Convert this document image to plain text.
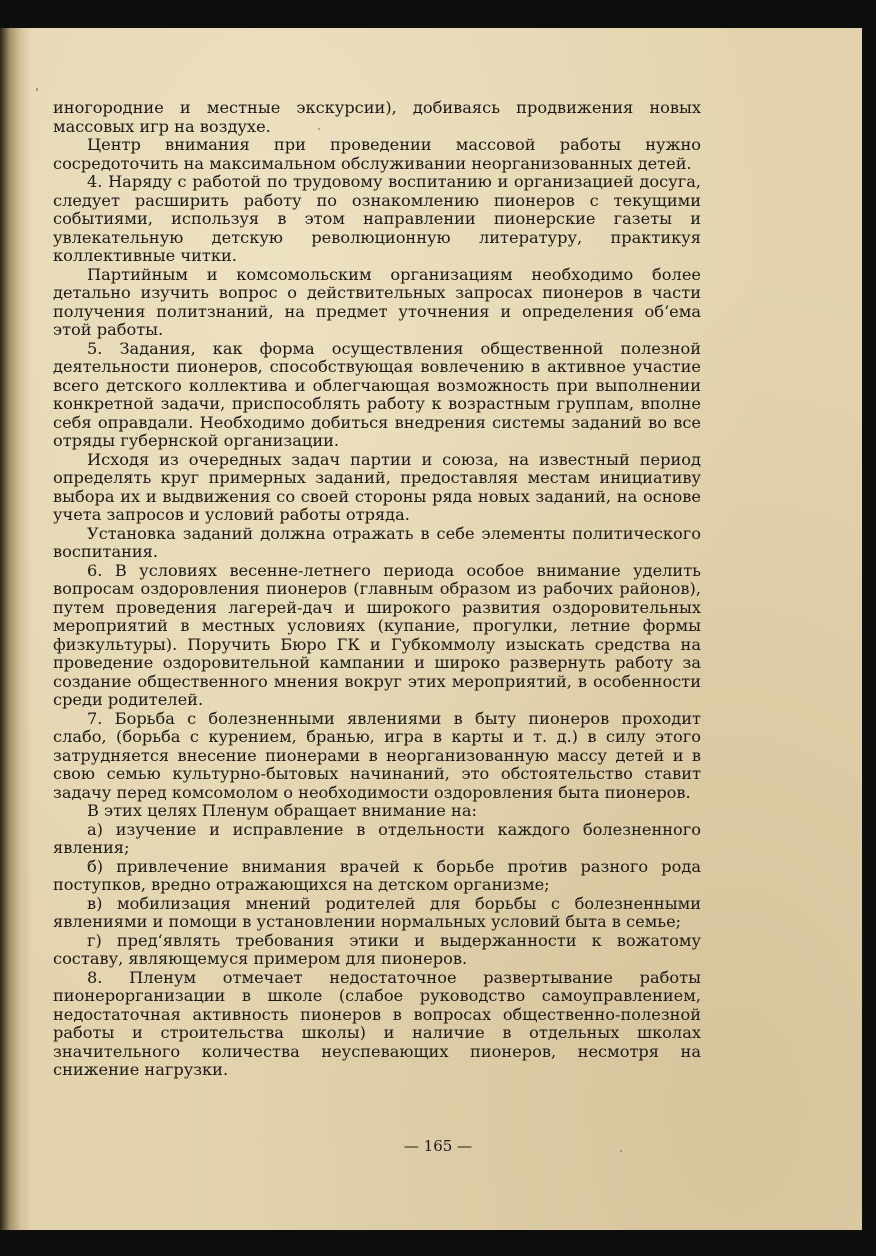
иногородние и местные экскурсии), добиваясь продвижения новых массовых игр на воздухе.

Центр внимания при проведении массовой работы нужно сосредоточить на максимальном обслуживании неорганизованных детей.

4. Наряду с работой по трудовому воспитанию и организацией досуга, следует расширить работу по ознакомлению пионеров с текущими событиями, используя в этом направлении пионерские газеты и увлекательную детскую революционную литературу, практикуя коллективные читки.

Партийным и комсомольским организациям необходимо более детально изучить вопрос о действительных запросах пионеров в части получения политзнаний, на предмет уточнения и определения об‘ема этой работы.

5. Задания, как форма осуществления общественной полезной деятельности пионеров, способствующая вовлечению в активное участие всего детского коллектива и облегчающая возможность при выполнении конкретной задачи, приспособлять работу к возрастным группам, вполне себя оправдали. Необходимо добиться внедрения системы заданий во все отряды губернской организации.

Исходя из очередных задач партии и союза, на известный период определять круг примерных заданий, предоставляя местам инициативу выбора их и выдвижения со своей стороны ряда новых заданий, на основе учета запросов и условий работы отряда.

Установка заданий должна отражать в себе элементы политического воспитания.

6. В условиях весенне-летнего периода особое внимание уделить вопросам оздоровления пионеров (главным образом из рабочих районов), путем проведения лагерей-дач и широкого развития оздоровительных мероприятий в местных условиях (купание, прогулки, летние формы физкультуры). Поручить Бюро ГК и Губкоммолу изыскать средства на проведение оздоровительной кампании и широко развернуть работу за создание общественного мнения вокруг этих мероприятий, в особенности среди родителей.

7. Борьба с болезненными явлениями в быту пионеров проходит слабо, (борьба с курением, бранью, игра в карты и т. д.) в силу этого затрудняется внесение пионерами в неорганизованную массу детей и в свою семью культурно-бытовых начинаний, это обстоятельство ставит задачу перед комсомолом о необходимости оздоровления быта пионеров.

В этих целях Пленум обращает внимание на:

а) изучение и исправление в отдельности каждого болезненного явления;

б) привлечение внимания врачей к борьбе против разного рода поступков, вредно отражающихся на детском организме;

в) мобилизация мнений родителей для борьбы с болезненными явлениями и помощи в установлении нормальных условий быта в семье;

г) пред‘являть требования этики и выдержанности к вожатому составу, являющемуся примером для пионеров.

8. Пленум отмечает недостаточное развертывание работы пионерорганизации в школе (слабое руководство самоуправлением, недостаточная активность пионеров в вопросах общественно-полезной работы и строительства школы) и наличие в отдельных школах значительного количества неуспевающих пионеров, несмотря на снижение нагрузки.

— 165 —
